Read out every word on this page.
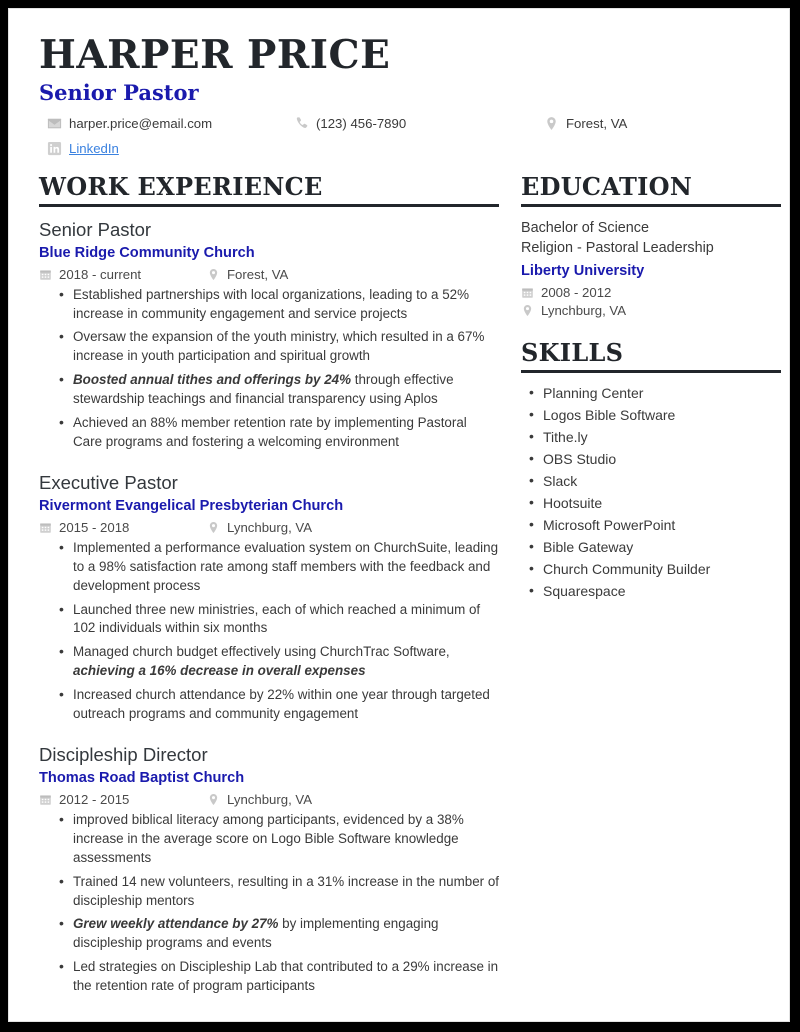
HARPER PRICE
Senior Pastor
harper.price@email.com	(123) 456-7890	Forest, VA
LinkedIn
WORK EXPERIENCE
Senior Pastor
Blue Ridge Community Church
2018 - current	Forest, VA
• Established partnerships with local organizations, leading to a 52% increase in community engagement and service projects
• Oversaw the expansion of the youth ministry, which resulted in a 67% increase in youth participation and spiritual growth
• Boosted annual tithes and offerings by 24% through effective stewardship teachings and financial transparency using Aplos
• Achieved an 88% member retention rate by implementing Pastoral Care programs and fostering a welcoming environment
Executive Pastor
Rivermont Evangelical Presbyterian Church
2015 - 2018	Lynchburg, VA
• Implemented a performance evaluation system on ChurchSuite, leading to a 98% satisfaction rate among staff members with the feedback and development process
• Launched three new ministries, each of which reached a minimum of 102 individuals within six months
• Managed church budget effectively using ChurchTrac Software, achieving a 16% decrease in overall expenses
• Increased church attendance by 22% within one year through targeted outreach programs and community engagement
Discipleship Director
Thomas Road Baptist Church
2012 - 2015	Lynchburg, VA
• improved biblical literacy among participants, evidenced by a 38% increase in the average score on Logo Bible Software knowledge assessments
• Trained 14 new volunteers, resulting in a 31% increase in the number of discipleship mentors
• Grew weekly attendance by 27% by implementing engaging discipleship programs and events
• Led strategies on Discipleship Lab that contributed to a 29% increase in the retention rate of program participants
EDUCATION
Bachelor of Science
Religion - Pastoral Leadership
Liberty University
2008 - 2012
Lynchburg, VA
SKILLS
• Planning Center
• Logos Bible Software
• Tithe.ly
• OBS Studio
• Slack
• Hootsuite
• Microsoft PowerPoint
• Bible Gateway
• Church Community Builder
• Squarespace
